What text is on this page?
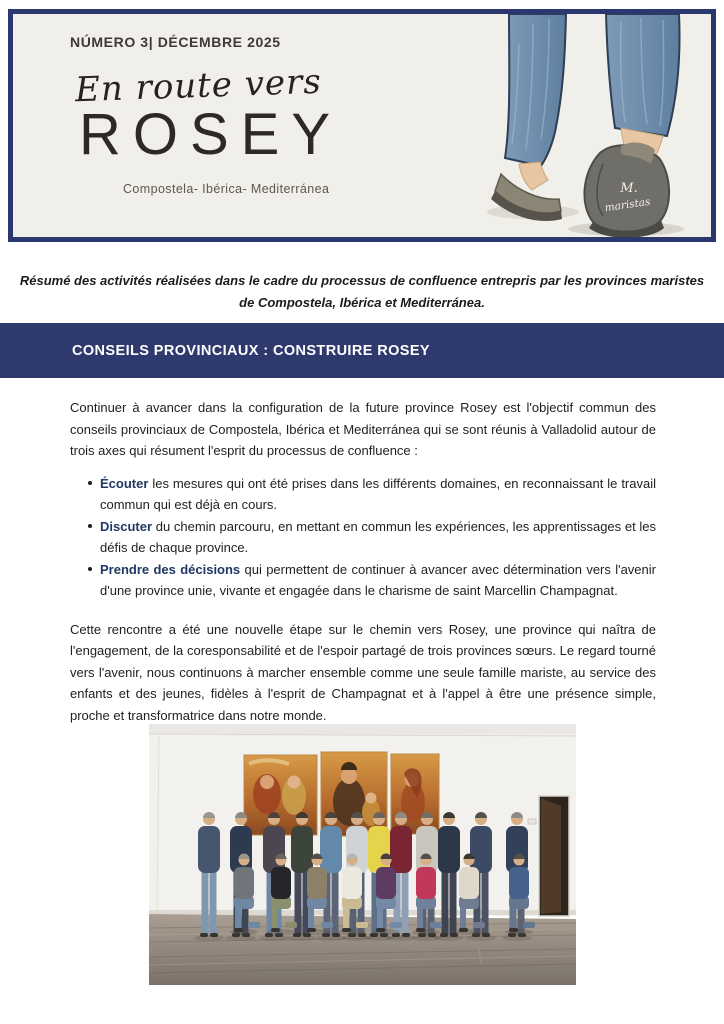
NÚMERO 3| DÉCEMBRE 2025
En route vers
ROSEY
Compostela- Ibérica- Mediterránea	M.
maristas

Résumé des activités réalisées dans le cadre du processus de confluence entrepris par les provinces maristes de Compostela, Ibérica et Mediterránea.

CONSEILS PROVINCIAUX : CONSTRUIRE ROSEY

Continuer à avancer dans la configuration de la future province Rosey est l'objectif commun des conseils provinciaux de Compostela, Ibérica et Mediterránea qui se sont réunis à Valladolid autour de trois axes qui résument l'esprit du processus de confluence :

Écouter les mesures qui ont été prises dans les différents domaines, en reconnaissant le travail commun qui est déjà en cours.
Discuter du chemin parcouru, en mettant en commun les expériences, les apprentissages et les défis de chaque province.
Prendre des décisions qui permettent de continuer à avancer avec détermination vers l'avenir d'une province unie, vivante et engagée dans le charisme de saint Marcellin Champagnat.

Cette rencontre a été une nouvelle étape sur le chemin vers Rosey, une province qui naîtra de l'engagement, de la coresponsabilité et de l'espoir partagé de trois provinces sœurs. Le regard tourné vers l'avenir, nous continuons à marcher ensemble comme une seule famille mariste, au service des enfants et des jeunes, fidèles à l'esprit de Champagnat et à l'appel à être une présence simple, proche et transformatrice dans notre monde.
